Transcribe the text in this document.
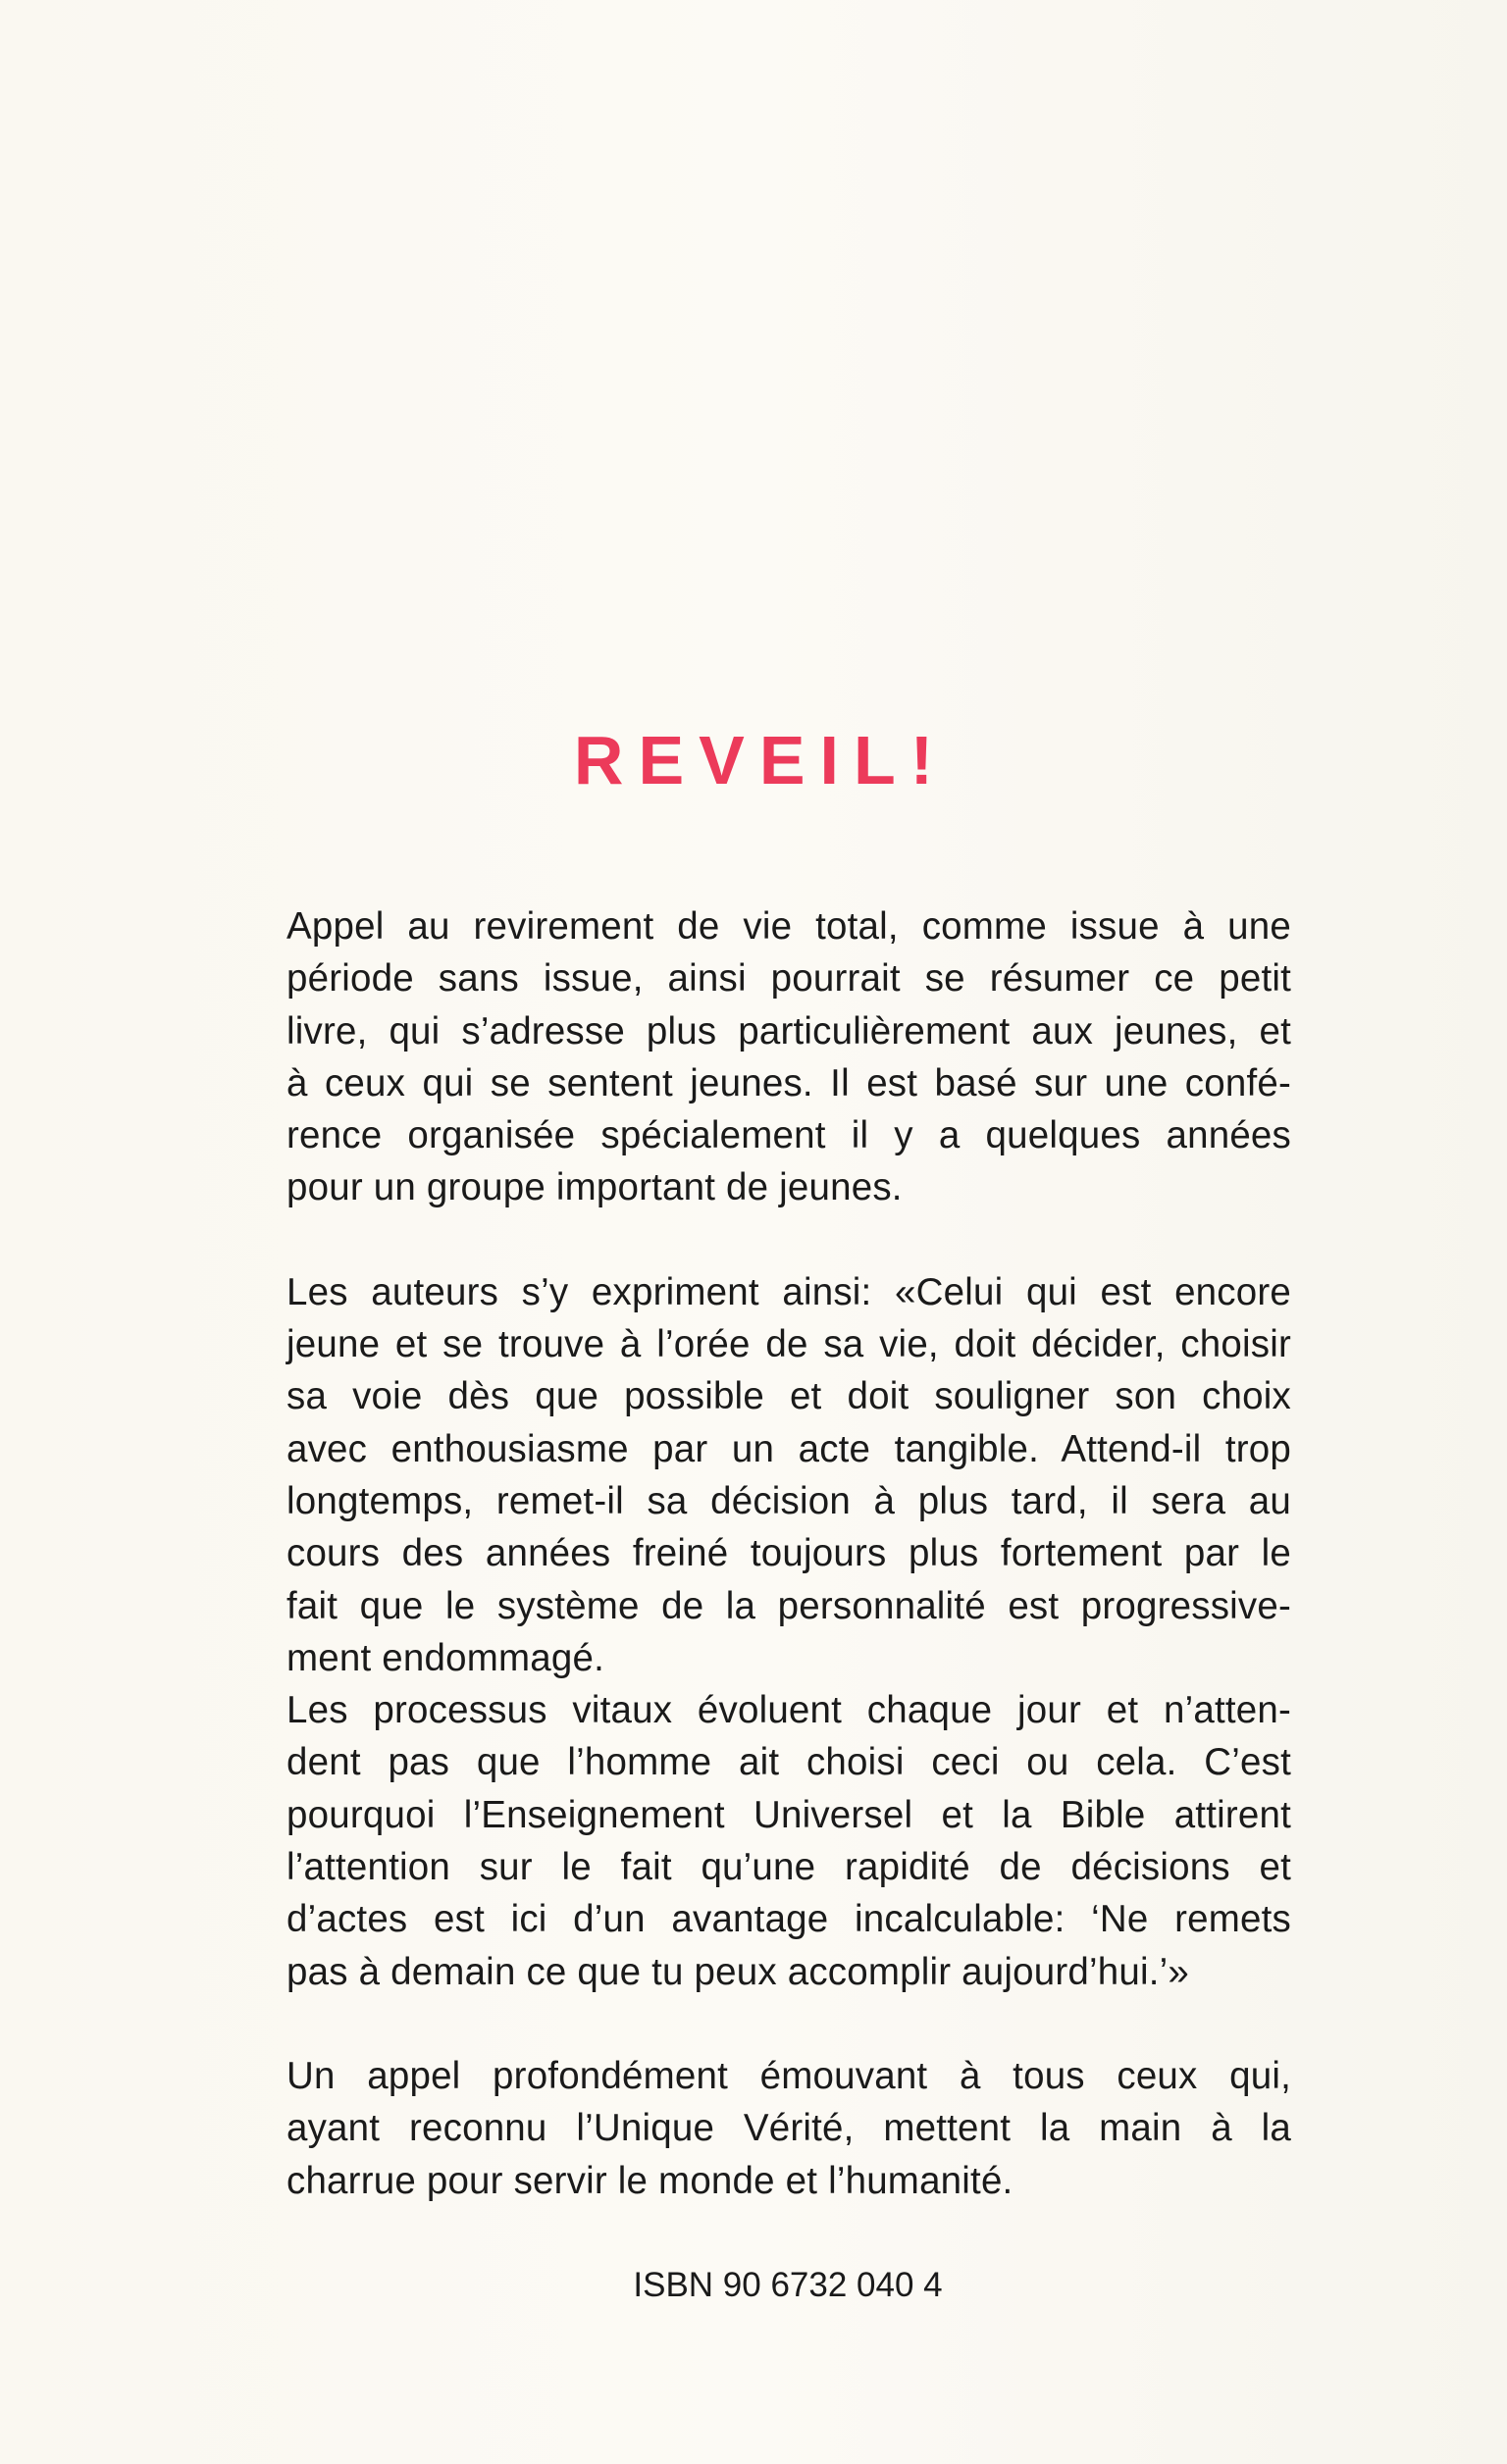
REVEIL!

Appel au revirement de vie total, comme issue à une
période sans issue, ainsi pourrait se résumer ce petit
livre, qui s’adresse plus particulièrement aux jeunes, et
à ceux qui se sentent jeunes. Il est basé sur une confé-
rence organisée spécialement il y a quelques années
pour un groupe important de jeunes.

Les auteurs s’y expriment ainsi: «Celui qui est encore
jeune et se trouve à l’orée de sa vie, doit décider, choisir
sa voie dès que possible et doit souligner son choix
avec enthousiasme par un acte tangible. Attend-il trop
longtemps, remet-il sa décision à plus tard, il sera au
cours des années freiné toujours plus fortement par le
fait que le système de la personnalité est progressive-
ment endommagé.

Les processus vitaux évoluent chaque jour et n’atten-
dent pas que l’homme ait choisi ceci ou cela. C’est
pourquoi l’Enseignement Universel et la Bible attirent
l’attention sur le fait qu’une rapidité de décisions et
d’actes est ici d’un avantage incalculable: ‘Ne remets
pas à demain ce que tu peux accomplir aujourd’hui.’»

Un appel profondément émouvant à tous ceux qui,
ayant reconnu l’Unique Vérité, mettent la main à la
charrue pour servir le monde et l’humanité.

ISBN 90 6732 040 4
